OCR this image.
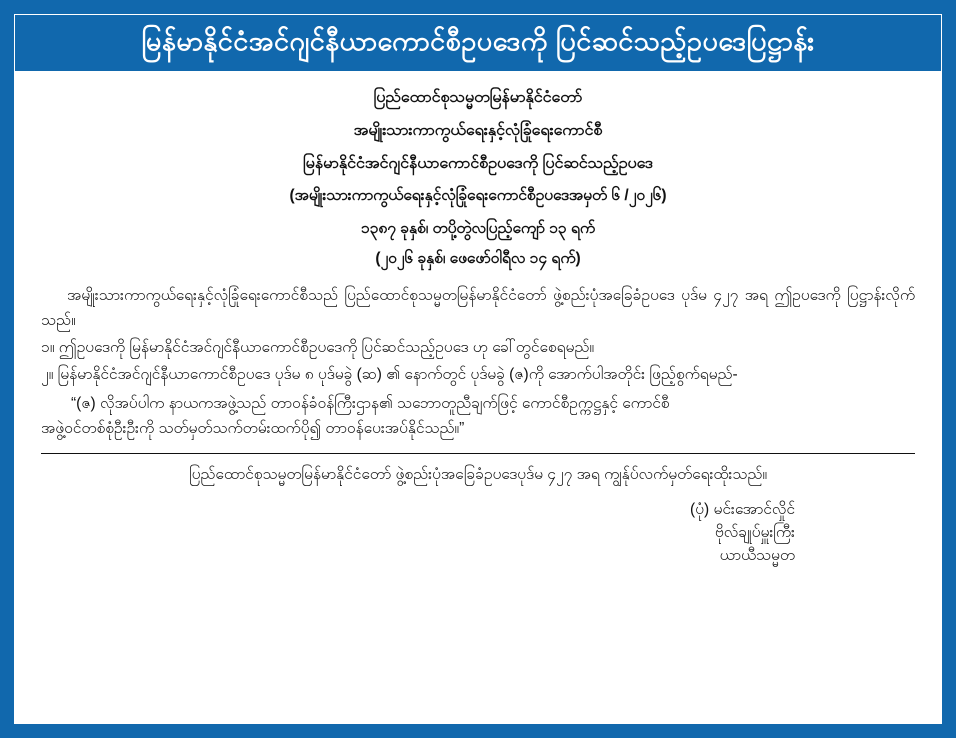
မြန်မာနိုင်ငံအင်ဂျင်နီယာကောင်စီဥပဒေကို ပြင်ဆင်သည့်ဥပဒေပြဋ္ဌာန်း
ပြည်ထောင်စုသမ္မတမြန်မာနိုင်ငံတော်
အမျိုးသားကာကွယ်ရေးနှင့်လုံခြုံရေးကောင်စီ
မြန်မာနိုင်ငံအင်ဂျင်နီယာကောင်စီဥပဒေကို ပြင်ဆင်သည့်ဥပဒေ
(အမျိုးသားကာကွယ်ရေးနှင့်လုံခြုံရေးကောင်စီဥပဒေအမှတ် ၆ /၂၀၂၆)
၁၃၈၇ ခုနှစ်၊ တပို့တွဲလပြည့်ကျော် ၁၃ ရက်
(၂၀၂၆ ခုနှစ်၊ ဖေဖော်ဝါရီလ ၁၄ ရက်)

အမျိုးသားကာကွယ်ရေးနှင့်လုံခြုံရေးကောင်စီသည် ပြည်ထောင်စုသမ္မတမြန်မာနိုင်ငံတော် ဖွဲ့စည်းပုံအခြေခံဥပဒေ ပုဒ်မ ၄၂၇ အရ ဤဥပဒေကို ပြဋ္ဌာန်းလိုက်သည်။

၁။ ဤဥပဒေကို မြန်မာနိုင်ငံအင်ဂျင်နီယာကောင်စီဥပဒေကို ပြင်ဆင်သည့်ဥပဒေ ဟု ခေါ်တွင်စေရမည်။

၂။ မြန်မာနိုင်ငံအင်ဂျင်နီယာကောင်စီဥပဒေ ပုဒ်မ ၈ ပုဒ်မခွဲ (ဆ) ၏ နောက်တွင် ပုဒ်မခွဲ (ဇ)ကို အောက်ပါအတိုင်း ဖြည့်စွက်ရမည်-

“(ဇ) လိုအပ်ပါက နာယကအဖွဲ့သည် တာဝန်ခံဝန်ကြီးဌာန၏ သဘောတူညီချက်ဖြင့် ကောင်စီဥက္ကဋ္ဌနှင့် ကောင်စီ

အဖွဲ့ဝင်တစ်စုံဦးဦးကို သတ်မှတ်သက်တမ်းထက်ပို၍ တာဝန်ပေးအပ်နိုင်သည်။”

ပြည်ထောင်စုသမ္မတမြန်မာနိုင်ငံတော် ဖွဲ့စည်းပုံအခြေခံဥပဒေပုဒ်မ ၄၂၇ အရ ကျွန်ုပ်လက်မှတ်ရေးထိုးသည်။
(ပုံ) မင်းအောင်လှိုင်
ဗိုလ်ချုပ်မှူးကြီး
ယာယီသမ္မတ
